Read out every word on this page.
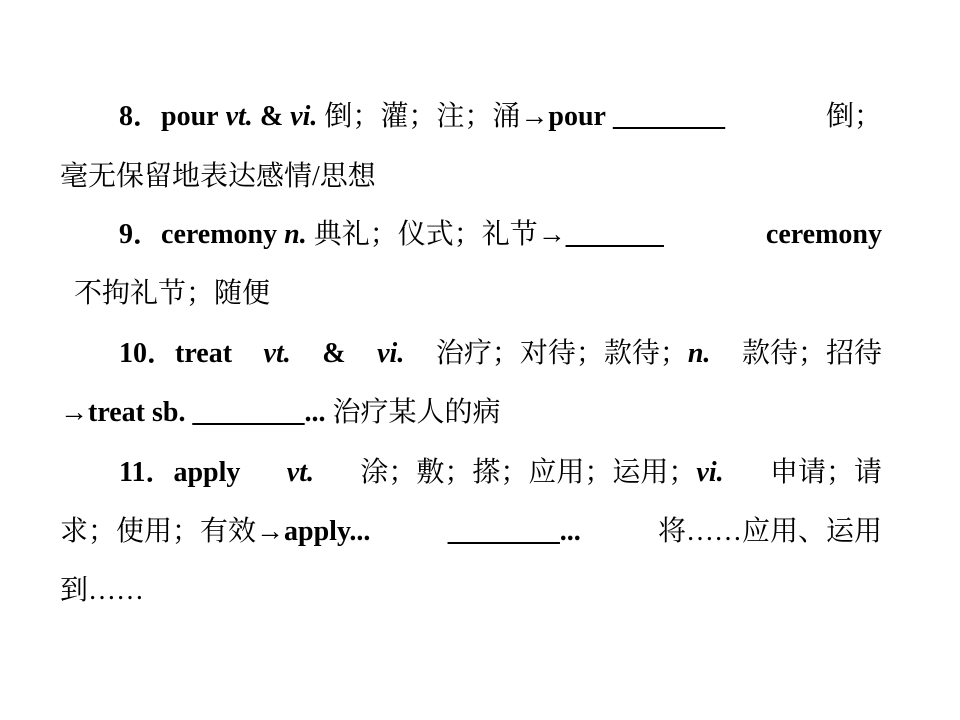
8．pour vt. & vi. 倒；灌；注；涌→pour ________	倒；
毫无保留地表达感情/思想
9．ceremony n. 典礼；仪式；礼节→_______	ceremony
不拘礼节；随便
10．treat vt. & vi. 治疗；对待；款待；n. 款待；招待
→treat sb. ________... 治疗某人的病
11．apply vt. 涂；敷；搽；应用；运用；vi. 申请；请
求；使用；有效→apply...	________...	将……应用、运用
到……
